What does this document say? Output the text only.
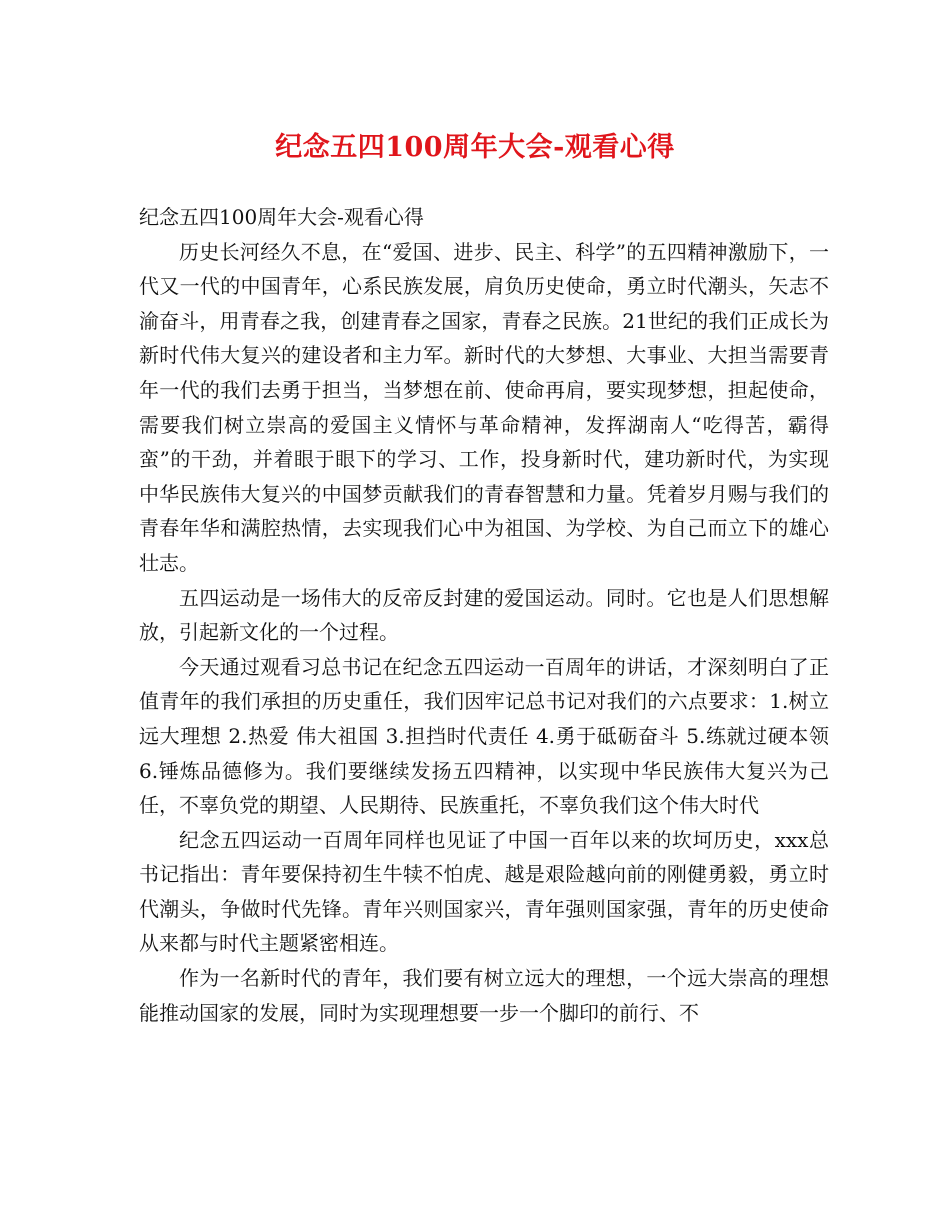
纪念五四100周年大会-观看心得

纪念五四100周年大会-观看心得

历史长河经久不息，在“爱国、进步、民主、科学”的五四精神激励下，一代又一代的中国青年，心系民族发展，肩负历史使命，勇立时代潮头，矢志不渝奋斗，用青春之我，创建青春之国家，青春之民族。21世纪的我们正成长为新时代伟大复兴的建设者和主力军。新时代的大梦想、大事业、大担当需要青年一代的我们去勇于担当，当梦想在前、使命再肩，要实现梦想，担起使命，需要我们树立崇高的爱国主义情怀与革命精神，发挥湖南人“吃得苦，霸得蛮”的干劲，并着眼于眼下的学习、工作，投身新时代，建功新时代，为实现中华民族伟大复兴的中国梦贡献我们的青春智慧和力量。凭着岁月赐与我们的青春年华和满腔热情，去实现我们心中为祖国、为学校、为自己而立下的雄心壮志。

五四运动是一场伟大的反帝反封建的爱国运动。同时。它也是人们思想解放，引起新文化的一个过程。

今天通过观看习总书记在纪念五四运动一百周年的讲话，才深刻明白了正值青年的我们承担的历史重任，我们因牢记总书记对我们的六点要求：1.树立远大理想 2.热爱 伟大祖国 3.担挡时代责任 4.勇于砥砺奋斗 5.练就过硬本领 6.锤炼品德修为。我们要继续发扬五四精神，以实现中华民族伟大复兴为己任，不辜负党的期望、人民期待、民族重托，不辜负我们这个伟大时代

纪念五四运动一百周年同样也见证了中国一百年以来的坎坷历史，xxx总书记指出：青年要保持初生牛犊不怕虎、越是艰险越向前的刚健勇毅，勇立时代潮头，争做时代先锋。青年兴则国家兴，青年强则国家强，青年的历史使命从来都与时代主题紧密相连。

作为一名新时代的青年，我们要有树立远大的理想，一个远大崇高的理想能推动国家的发展，同时为实现理想要一步一个脚印的前行、不
